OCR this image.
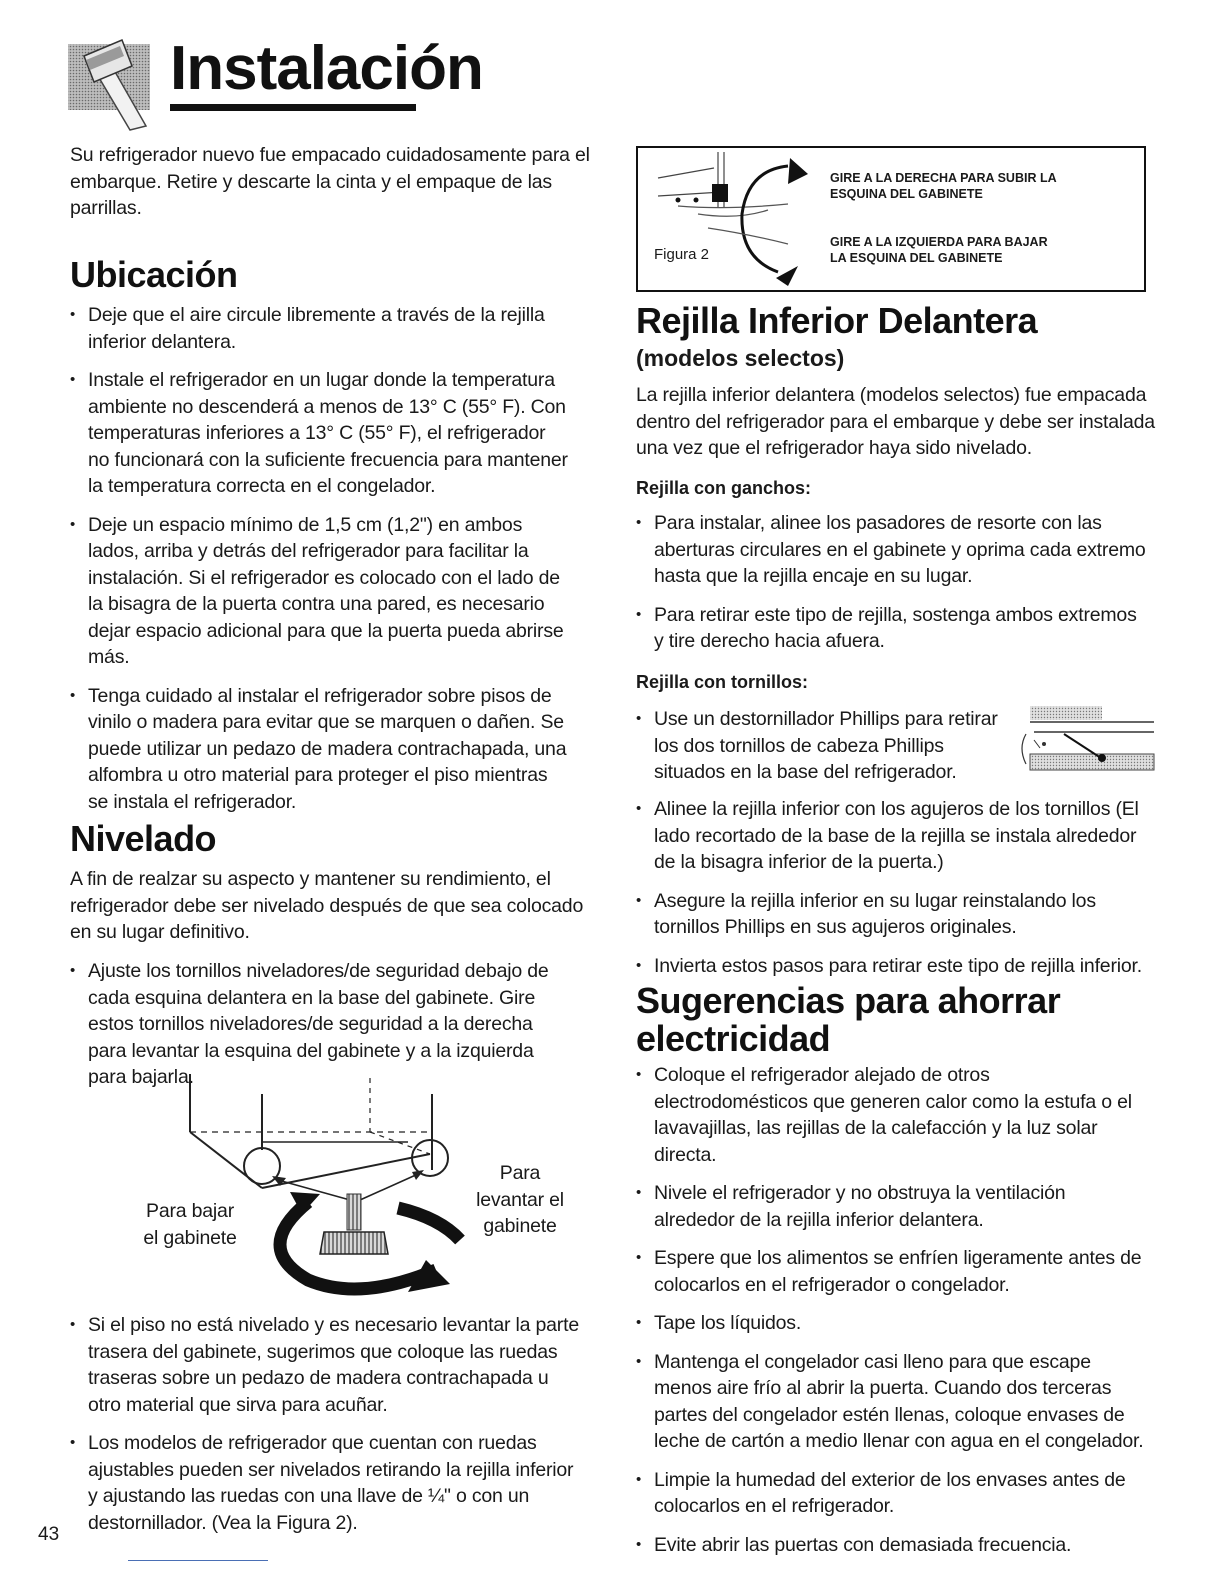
Instalación
Su refrigerador nuevo fue empacado cuidadosamente para el embarque. Retire y descarte la cinta y el empaque de las parrillas.
Ubicación
• Deje que el aire circule libremente a través de la rejilla inferior delantera.
• Instale el refrigerador en un lugar donde la temperatura ambiente no descenderá a menos de 13° C (55° F). Con temperaturas inferiores a 13° C (55° F), el refrigerador no funcionará con la suficiente frecuencia para mantener la temperatura correcta en el congelador.
• Deje un espacio mínimo de 1,5 cm (1,2") en ambos lados, arriba y detrás del refrigerador para facilitar la instalación. Si el refrigerador es colocado con el lado de la bisagra de la puerta contra una pared, es necesario dejar espacio adicional para que la puerta pueda abrirse más.
• Tenga cuidado al instalar el refrigerador sobre pisos de vinilo o madera para evitar que se marquen o dañen. Se puede utilizar un pedazo de madera contrachapada, una alfombra u otro material para proteger el piso mientras se instala el refrigerador.
Nivelado
A fin de realzar su aspecto y mantener su rendimiento, el refrigerador debe ser nivelado después de que sea colocado en su lugar definitivo.
• Ajuste los tornillos niveladores/de seguridad debajo de cada esquina delantera en la base del gabinete. Gire estos tornillos niveladores/de seguridad a la derecha para levantar la esquina del gabinete y a la izquierda para bajarla.
Para bajar
el gabinete
Para
levantar el
gabinete
• Si el piso no está nivelado y es necesario levantar la parte trasera del gabinete, sugerimos que coloque las ruedas traseras sobre un pedazo de madera contrachapada u otro material que sirva para acuñar.
• Los modelos de refrigerador que cuentan con ruedas ajustables pueden ser nivelados retirando la rejilla inferior y ajustando las ruedas con una llave de ¼" o con un destornillador. (Vea la Figura 2).
43
Figura 2
GIRE A LA DERECHA PARA SUBIR LA
ESQUINA DEL GABINETE
GIRE A LA IZQUIERDA PARA BAJAR
LA ESQUINA DEL GABINETE
Rejilla Inferior Delantera
(modelos selectos)
La rejilla inferior delantera (modelos selectos) fue empacada dentro del refrigerador para el embarque y debe ser instalada una vez que el refrigerador haya sido nivelado.
Rejilla con ganchos:
• Para instalar, alinee los pasadores de resorte con las aberturas circulares en el gabinete y oprima cada extremo hasta que la rejilla encaje en su lugar.
• Para retirar este tipo de rejilla, sostenga ambos extremos y tire derecho hacia afuera.
Rejilla con tornillos:
• Use un destornillador Phillips para retirar los dos tornillos de cabeza Phillips situados en la base del refrigerador.
• Alinee la rejilla inferior con los agujeros de los tornillos (El lado recortado de la base de la rejilla se instala alrededor de la bisagra inferior de la puerta.)
• Asegure la rejilla inferior en su lugar reinstalando los tornillos Phillips en sus agujeros originales.
• Invierta estos pasos para retirar este tipo de rejilla inferior.
Sugerencias para ahorrar
electricidad
• Coloque el refrigerador alejado de otros electrodomésticos que generen calor como la estufa o el lavavajillas, las rejillas de la calefacción y la luz solar directa.
• Nivele el refrigerador y no obstruya la ventilación alrededor de la rejilla inferior delantera.
• Espere que los alimentos se enfríen ligeramente antes de colocarlos en el refrigerador o congelador.
• Tape los líquidos.
• Mantenga el congelador casi lleno para que escape menos aire frío al abrir la puerta. Cuando dos terceras partes del congelador estén llenas, coloque envases de leche de cartón a medio llenar con agua en el congelador.
• Limpie la humedad del exterior de los envases antes de colocarlos en el refrigerador.
• Evite abrir las puertas con demasiada frecuencia.
